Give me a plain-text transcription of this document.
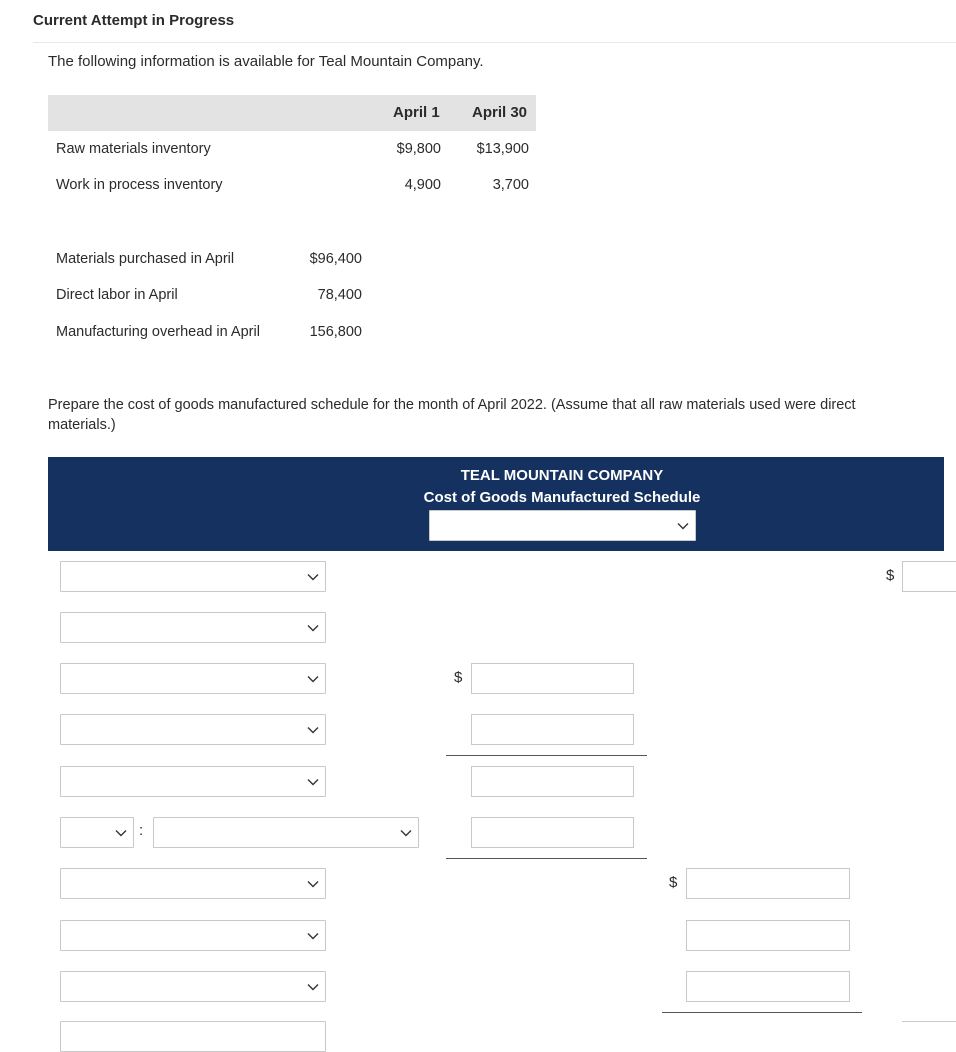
Current Attempt in Progress
The following information is available for Teal Mountain Company.
April 1 April 30
Raw materials inventory	$9,800	$13,900
Work in process inventory	4,900	3,700
Materials purchased in April	$96,400
Direct labor in April	78,400
Manufacturing overhead in April	156,800
Prepare the cost of goods manufactured schedule for the month of April 2022. (Assume that all raw materials used were direct materials.)
TEAL MOUNTAIN COMPANY
Cost of Goods Manufactured Schedule
:
$
$
$
